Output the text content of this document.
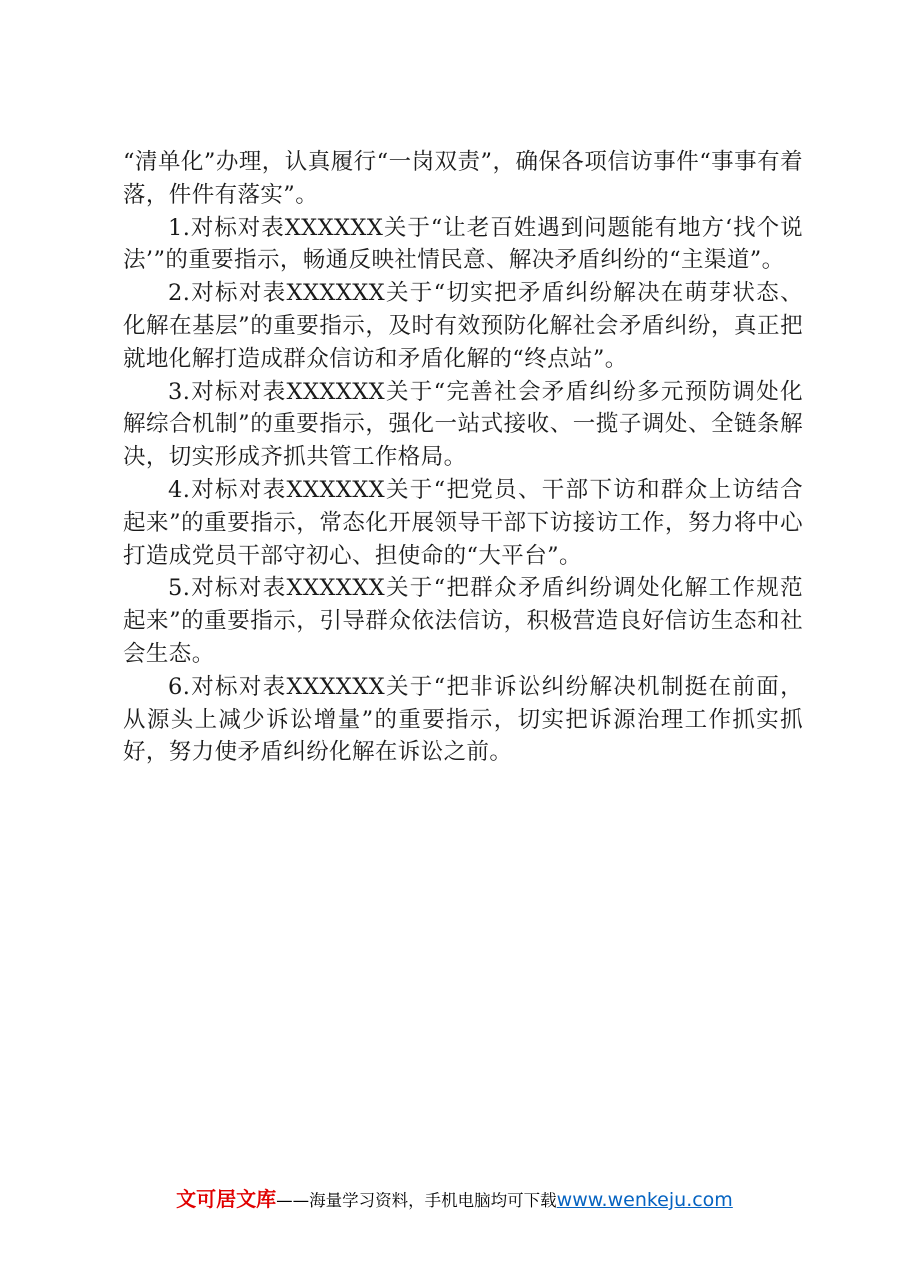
“清单化”办理，认真履行“一岗双责”，确保各项信访事件“事事有着落，件件有落实”。

1.对标对表XXXXXX关于“让老百姓遇到问题能有地方‘找个说法’”的重要指示，畅通反映社情民意、解决矛盾纠纷的“主渠道”。

2.对标对表XXXXXX关于“切实把矛盾纠纷解决在萌芽状态、化解在基层”的重要指示，及时有效预防化解社会矛盾纠纷，真正把就地化解打造成群众信访和矛盾化解的“终点站”。

3.对标对表XXXXXX关于“完善社会矛盾纠纷多元预防调处化解综合机制”的重要指示，强化一站式接收、一揽子调处、全链条解决，切实形成齐抓共管工作格局。

4.对标对表XXXXXX关于“把党员、干部下访和群众上访结合起来”的重要指示，常态化开展领导干部下访接访工作，努力将中心打造成党员干部守初心、担使命的“大平台”。

5.对标对表XXXXXX关于“把群众矛盾纠纷调处化解工作规范起来”的重要指示，引导群众依法信访，积极营造良好信访生态和社会生态。

6.对标对表XXXXXX关于“把非诉讼纠纷解决机制挺在前面，从源头上减少诉讼增量”的重要指示，切实把诉源治理工作抓实抓好，努力使矛盾纠纷化解在诉讼之前。

文可居文库——海量学习资料，手机电脑均可下载www.wenkeju.com
